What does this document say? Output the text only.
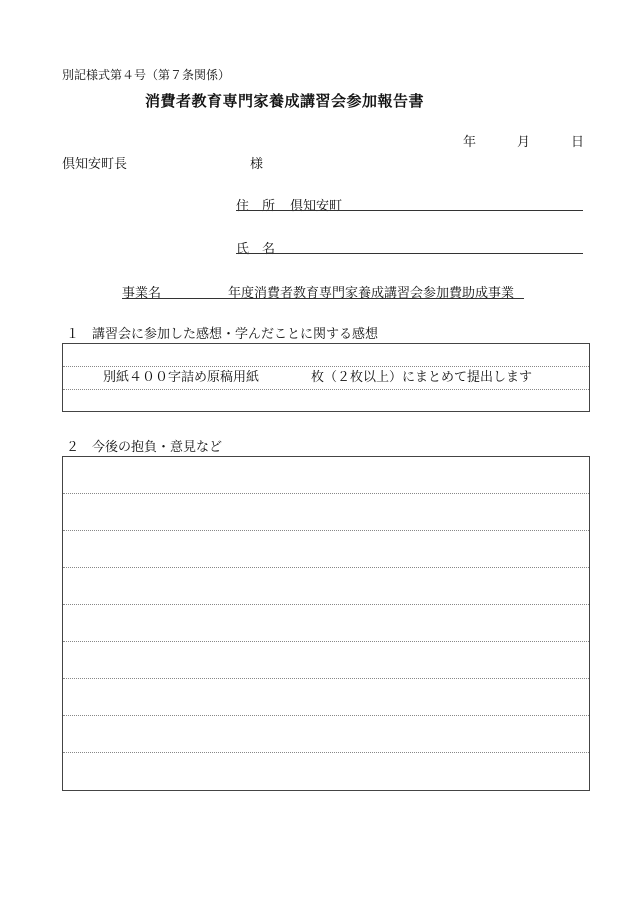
別記様式第４号（第７条関係）
消費者教育専門家養成講習会参加報告書
年	月	日
倶知安町長	様
住　所 倶知安町
氏　名
事業名	年度消費者教育専門家養成講習会参加費助成事業
１　講習会に参加した感想・学んだことに関する感想
別紙４００字詰め原稿用紙　　　　枚（２枚以上）にまとめて提出します
２　今後の抱負・意見など
